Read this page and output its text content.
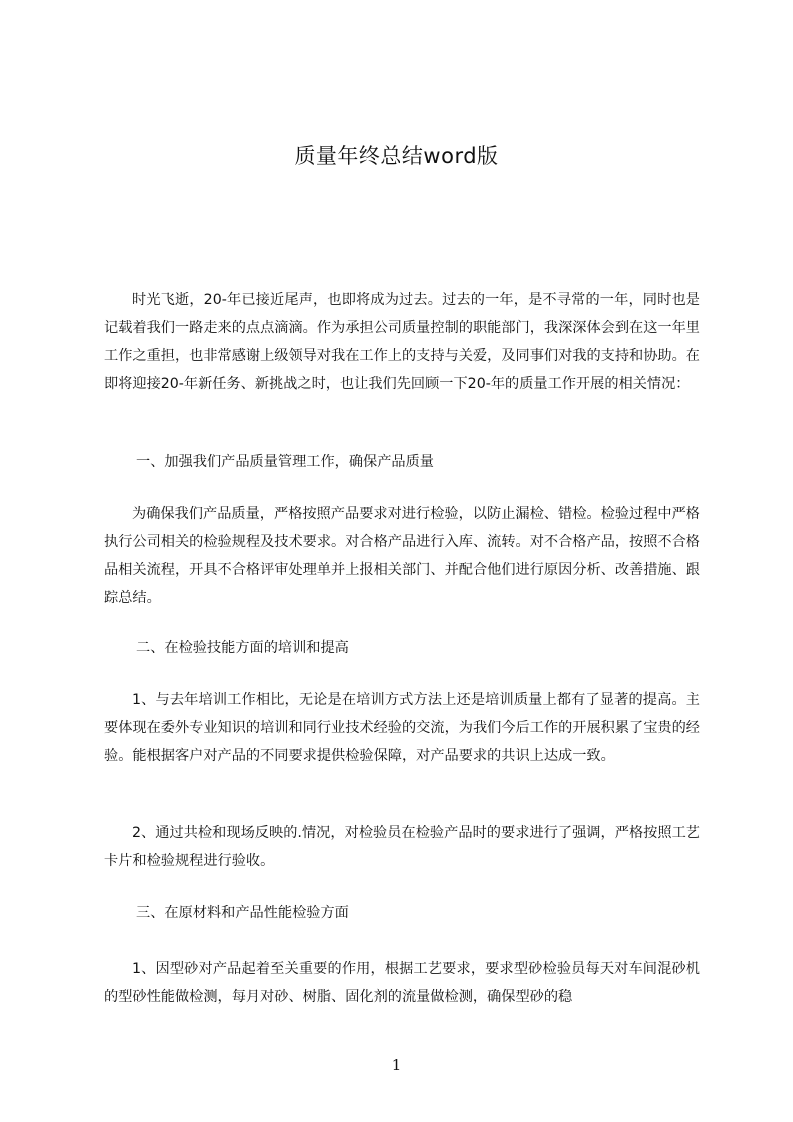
质量年终总结word版
时光飞逝，20-年已接近尾声，也即将成为过去。过去的一年，是不寻常的一年，同时也是记载着我们一路走来的点点滴滴。作为承担公司质量控制的职能部门，我深深体会到在这一年里工作之重担，也非常感谢上级领导对我在工作上的支持与关爱，及同事们对我的支持和协助。在即将迎接20-年新任务、新挑战之时，也让我们先回顾一下20-年的质量工作开展的相关情况：
一、加强我们产品质量管理工作，确保产品质量
为确保我们产品质量，严格按照产品要求对进行检验，以防止漏检、错检。检验过程中严格执行公司相关的检验规程及技术要求。对合格产品进行入库、流转。对不合格产品，按照不合格品相关流程，开具不合格评审处理单并上报相关部门、并配合他们进行原因分析、改善措施、跟踪总结。
二、在检验技能方面的培训和提高
1、与去年培训工作相比，无论是在培训方式方法上还是培训质量上都有了显著的提高。主要体现在委外专业知识的培训和同行业技术经验的交流，为我们今后工作的开展积累了宝贵的经验。能根据客户对产品的不同要求提供检验保障，对产品要求的共识上达成一致。
2、通过共检和现场反映的.情况，对检验员在检验产品时的要求进行了强调，严格按照工艺卡片和检验规程进行验收。
三、在原材料和产品性能检验方面
1、因型砂对产品起着至关重要的作用，根据工艺要求，要求型砂检验员每天对车间混砂机的型砂性能做检测，每月对砂、树脂、固化剂的流量做检测，确保型砂的稳
1
